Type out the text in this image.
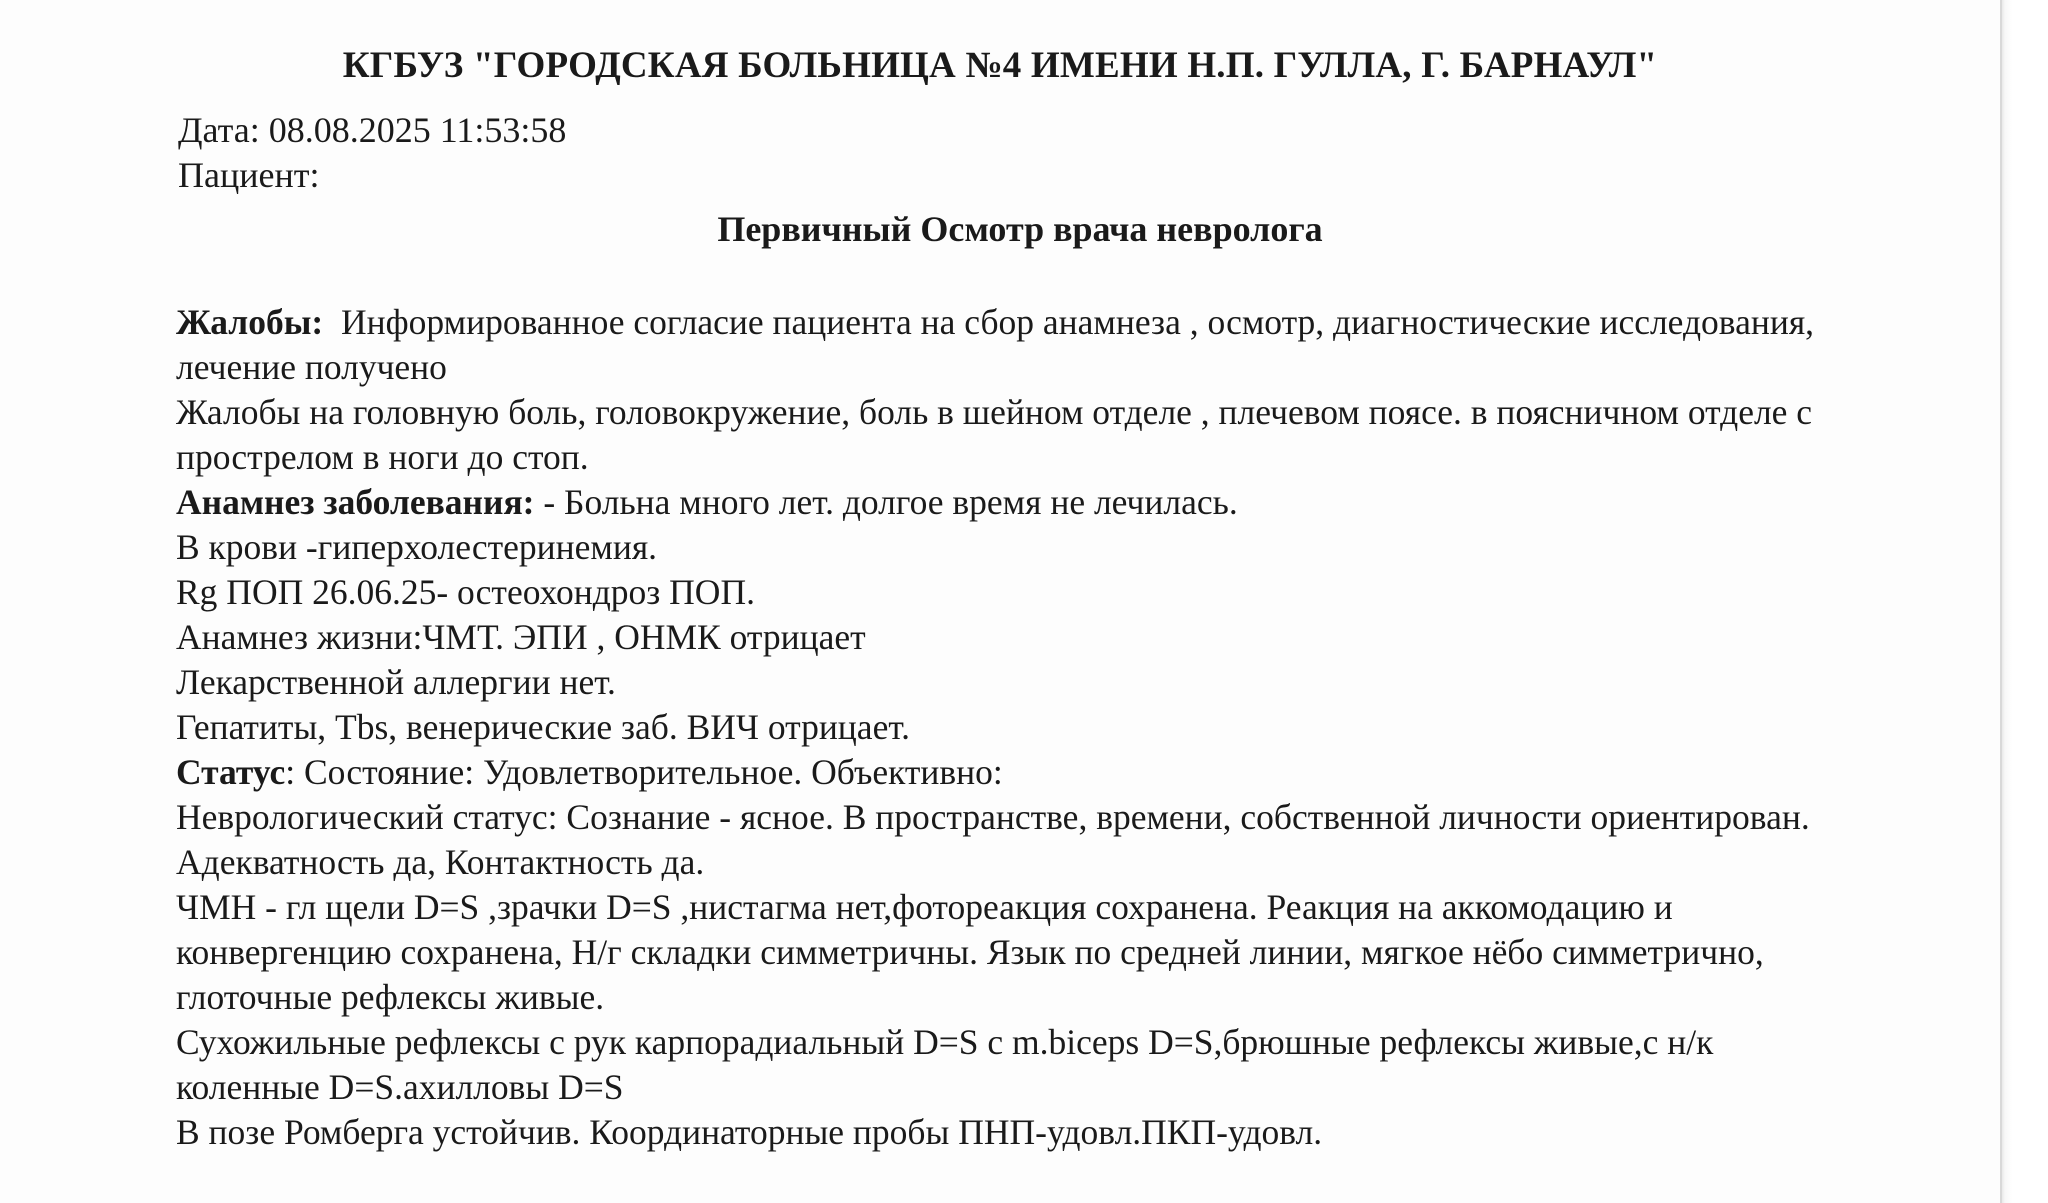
КГБУЗ "ГОРОДСКАЯ БОЛЬНИЦА №4 ИМЕНИ Н.П. ГУЛЛА, Г. БАРНАУЛ"
Дата: 08.08.2025 11:53:58
Пациент:
Первичный Осмотр врача невролога

Жалобы: Информированное согласие пациента на сбор анамнеза , осмотр, диагностические исследования, лечение получено

Жалобы на головную боль, головокружение, боль в шейном отделе , плечевом поясе. в поясничном отделе с прострелом в ноги до стоп.

Анамнез заболевания: - Больна много лет. долгое время не лечилась.

В крови -гиперхолестеринемия.

Rg ПОП 26.06.25- остеохондроз ПОП.

Анамнез жизни:ЧМТ. ЭПИ , ОНМК отрицает

Лекарственной аллергии нет.

Гепатиты, Tbs, венерические заб. ВИЧ отрицает.

Статус: Состояние: Удовлетворительное. Объективно:

Неврологический статус: Сознание - ясное. В пространстве, времени, собственной личности ориентирован. Адекватность да, Контактность да.

ЧМН - гл щели D=S ,зрачки D=S ,нистагма нет,фотореакция сохранена. Реакция на аккомодацию и конвергенцию сохранена, Н/г складки симметричны. Язык по средней линии, мягкое нёбо симметрично, глоточные рефлексы живые.

Сухожильные рефлексы с рук карпорадиальный D=S с m.biceps D=S,брюшные рефлексы живые,с н/к коленные D=S.ахилловы D=S

В позе Ромберга устойчив. Координаторные пробы ПНП-удовл.ПКП-удовл.
